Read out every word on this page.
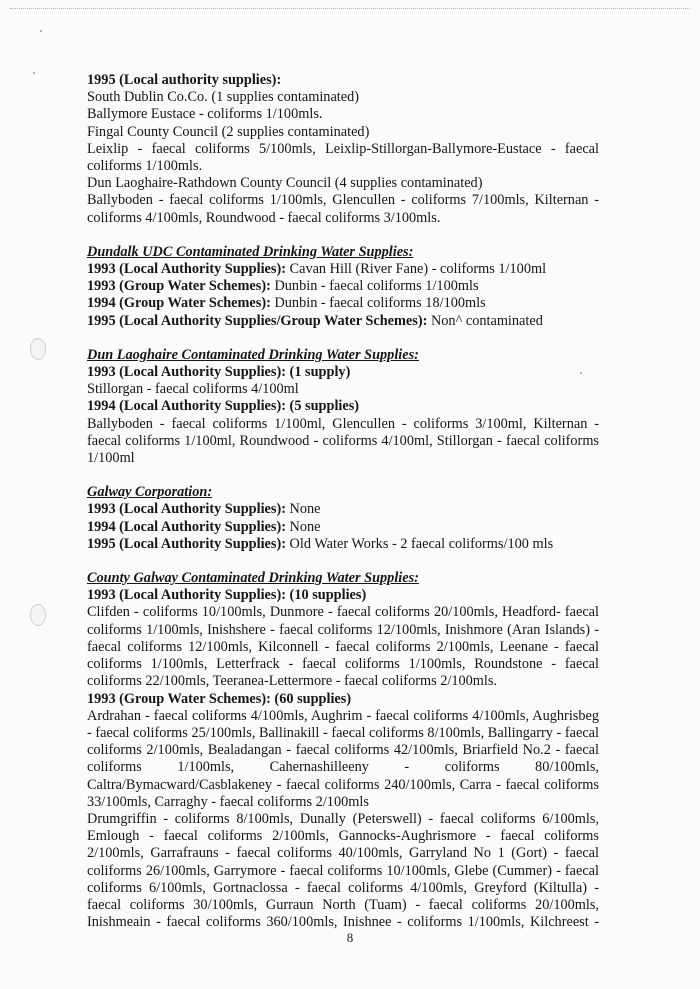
1995 (Local authority supplies):

South Dublin Co.Co. (1 supplies contaminated)

Ballymore Eustace - coliforms 1/100mls.

Fingal County Council (2 supplies contaminated)

Leixlip - faecal coliforms 5/100mls, Leixlip-Stillorgan-Ballymore-Eustace - faecal coliforms 1/100mls.

Dun Laoghaire-Rathdown County Council (4 supplies contaminated)

Ballyboden - faecal coliforms 1/100mls, Glencullen - coliforms 7/100mls, Kilternan - coliforms 4/100mls, Roundwood - faecal coliforms 3/100mls.

Dundalk UDC Contaminated Drinking Water Supplies:

1993 (Local Authority Supplies): Cavan Hill (River Fane) - coliforms 1/100ml

1993 (Group Water Schemes): Dunbin - faecal coliforms 1/100mls

1994 (Group Water Schemes): Dunbin - faecal coliforms 18/100mls

1995 (Local Authority Supplies/Group Water Schemes): Non^ contaminated

Dun Laoghaire Contaminated Drinking Water Supplies:

1993 (Local Authority Supplies): (1 supply)

Stillorgan - faecal coliforms 4/100ml

1994 (Local Authority Supplies): (5 supplies)

Ballyboden - faecal coliforms 1/100ml, Glencullen - coliforms 3/100ml, Kilternan - faecal coliforms 1/100ml, Roundwood - coliforms 4/100ml, Stillorgan - faecal coliforms 1/100ml

Galway Corporation:

1993 (Local Authority Supplies): None

1994 (Local Authority Supplies): None

1995 (Local Authority Supplies): Old Water Works - 2 faecal coliforms/100 mls

County Galway Contaminated Drinking Water Supplies:

1993 (Local Authority Supplies): (10 supplies)

Clifden - coliforms 10/100mls, Dunmore - faecal coliforms 20/100mls, Headford- faecal coliforms 1/100mls, Inishshere - faecal coliforms 12/100mls, Inishmore (Aran Islands) - faecal coliforms 12/100mls, Kilconnell - faecal coliforms 2/100mls, Leenane - faecal coliforms 1/100mls, Letterfrack - faecal coliforms 1/100mls, Roundstone - faecal coliforms 22/100mls, Teeranea-Lettermore - faecal coliforms 2/100mls.

1993 (Group Water Schemes): (60 supplies)

Ardrahan - faecal coliforms 4/100mls, Aughrim - faecal coliforms 4/100mls, Aughrisbeg - faecal coliforms 25/100mls, Ballinakill - faecal coliforms 8/100mls, Ballingarry - faecal coliforms 2/100mls, Bealadangan - faecal coliforms 42/100mls, Briarfield No.2 - faecal coliforms 1/100mls, Cahernashilleeny - coliforms 80/100mls, Caltra/Bymacward/Casblakeney - faecal coliforms 240/100mls, Carra - faecal coliforms 33/100mls, Carraghy - faecal coliforms 2/100mls

Drumgriffin - coliforms 8/100mls, Dunally (Peterswell) - faecal coliforms 6/100mls, Emlough - faecal coliforms 2/100mls, Gannocks-Aughrismore - faecal coliforms 2/100mls, Garrafrauns - faecal coliforms 40/100mls, Garryland No 1 (Gort) - faecal coliforms 26/100mls, Garrymore - faecal coliforms 10/100mls, Glebe (Cummer) - faecal coliforms 6/100mls, Gortnaclossa - faecal coliforms 4/100mls, Greyford (Kiltulla) - faecal coliforms 30/100mls, Gurraun North (Tuam) - faecal coliforms 20/100mls, Inishmeain - faecal coliforms 360/100mls, Inishnee - coliforms 1/100mls, Kilchreest -

8
